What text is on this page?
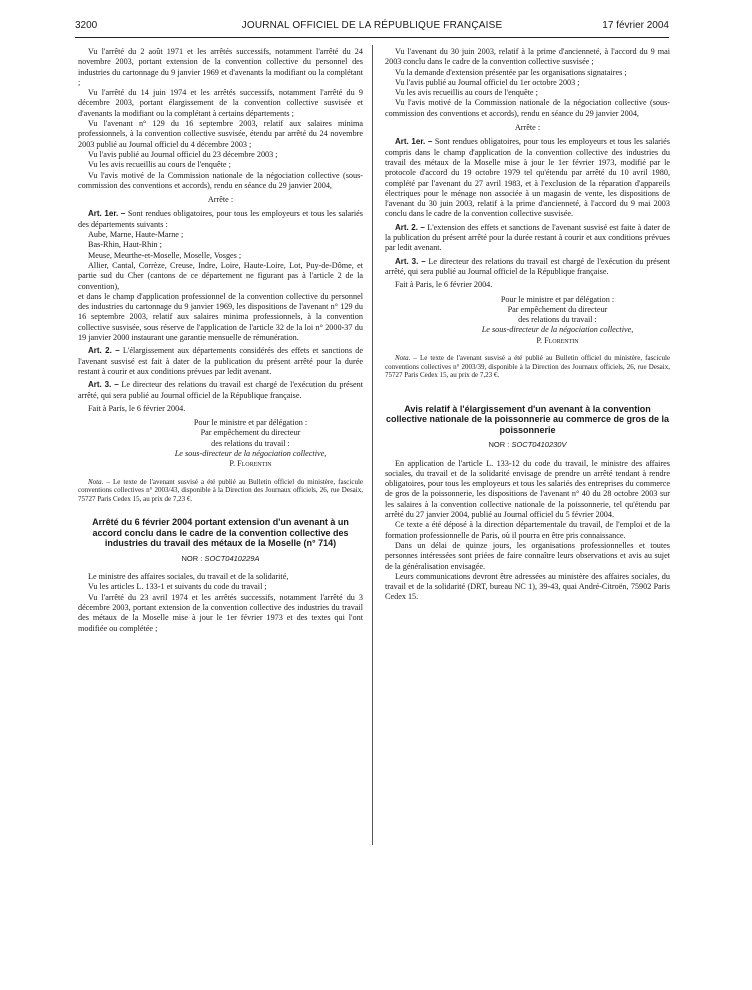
3200	JOURNAL OFFICIEL DE LA RÉPUBLIQUE FRANÇAISE	17 février 2004

Vu l'arrêté du 2 août 1971 et les arrêtés successifs, notamment l'arrêté du 24 novembre 2003, portant extension de la convention collective du personnel des industries du cartonnage du 9 janvier 1969 et d'avenants la modifiant ou la complétant ;

Vu l'arrêté du 14 juin 1974 et les arrêtés successifs, notamment l'arrêté du 9 décembre 2003, portant élargissement de la convention collective susvisée et d'avenants la modifiant ou la complétant à certains départements ;

Vu l'avenant n° 129 du 16 septembre 2003, relatif aux salaires minima professionnels, à la convention collective susvisée, étendu par arrêté du 24 novembre 2003 publié au Journal officiel du 4 décembre 2003 ;

Vu l'avis publié au Journal officiel du 23 décembre 2003 ;

Vu les avis recueillis au cours de l'enquête ;

Vu l'avis motivé de la Commission nationale de la négociation collective (sous-commission des conventions et accords), rendu en séance du 29 janvier 2004,

Arrête :

Art. 1er. – Sont rendues obligatoires, pour tous les employeurs et tous les salariés des départements suivants :

Aube, Marne, Haute-Marne ;

Bas-Rhin, Haut-Rhin ;

Meuse, Meurthe-et-Moselle, Moselle, Vosges ;

Allier, Cantal, Corrèze, Creuse, Indre, Loire, Haute-Loire, Lot, Puy-de-Dôme, et partie sud du Cher (cantons de ce département ne figurant pas à l'article 2 de la convention),

et dans le champ d'application professionnel de la convention collective du personnel des industries du cartonnage du 9 janvier 1969, les dispositions de l'avenant n° 129 du 16 septembre 2003, relatif aux salaires minima professionnels, à la convention collective susvisée, sous réserve de l'application de l'article 32 de la loi n° 2000-37 du 19 janvier 2000 instaurant une garantie mensuelle de rémunération.

Art. 2. – L'élargissement aux départements considérés des effets et sanctions de l'avenant susvisé est fait à dater de la publication du présent arrêté pour la durée restant à courir et aux conditions prévues par ledit avenant.

Art. 3. – Le directeur des relations du travail est chargé de l'exécution du présent arrêté, qui sera publié au Journal officiel de la République française.

Fait à Paris, le 6 février 2004.

Pour le ministre et par délégation :

Par empêchement du directeur

des relations du travail :

Le sous-directeur de la négociation collective,

P. Florentin

Nota. – Le texte de l'avenant susvisé a été publié au Bulletin officiel du ministère, fascicule conventions collectives n° 2003/43, disponible à la Direction des Journaux officiels, 26, rue Desaix, 75727 Paris Cedex 15, au prix de 7,23 €.

Arrêté du 6 février 2004 portant extension d'un avenant à un accord conclu dans le cadre de la convention collective des industries du travail des métaux de la Moselle (n° 714)
NOR : SOCT0410229A

Le ministre des affaires sociales, du travail et de la solidarité,

Vu les articles L. 133-1 et suivants du code du travail ;

Vu l'arrêté du 23 avril 1974 et les arrêtés successifs, notamment l'arrêté du 3 décembre 2003, portant extension de la convention collective des industries du travail des métaux de la Moselle mise à jour le 1er février 1973 et des textes qui l'ont modifiée ou complétée ;

Vu l'avenant du 30 juin 2003, relatif à la prime d'ancienneté, à l'accord du 9 mai 2003 conclu dans le cadre de la convention collective susvisée ;

Vu la demande d'extension présentée par les organisations signataires ;

Vu l'avis publié au Journal officiel du 1er octobre 2003 ;

Vu les avis recueillis au cours de l'enquête ;

Vu l'avis motivé de la Commission nationale de la négociation collective (sous-commission des conventions et accords), rendu en séance du 29 janvier 2004,

Arrête :

Art. 1er. – Sont rendues obligatoires, pour tous les employeurs et tous les salariés compris dans le champ d'application de la convention collective des industries du travail des métaux de la Moselle mise à jour le 1er février 1973, modifié par le protocole d'accord du 19 octobre 1979 tel qu'étendu par arrêté du 10 avril 1980, complété par l'avenant du 27 avril 1983, et à l'exclusion de la réparation d'appareils électriques pour le ménage non associée à un magasin de vente, les dispositions de l'avenant du 30 juin 2003, relatif à la prime d'ancienneté, à l'accord du 9 mai 2003 conclu dans le cadre de la convention collective susvisée.

Art. 2. – L'extension des effets et sanctions de l'avenant susvisé est faite à dater de la publication du présent arrêté pour la durée restant à courir et aux conditions prévues par ledit avenant.

Art. 3. – Le directeur des relations du travail est chargé de l'exécution du présent arrêté, qui sera publié au Journal officiel de la République française.

Fait à Paris, le 6 février 2004.

Pour le ministre et par délégation :

Par empêchement du directeur

des relations du travail :

Le sous-directeur de la négociation collective,

P. Florentin

Nota. – Le texte de l'avenant susvisé a été publié au Bulletin officiel du ministère, fascicule conventions collectives n° 2003/39, disponible à la Direction des Journaux officiels, 26, rue Desaix, 75727 Paris Cedex 15, au prix de 7,23 €.

Avis relatif à l'élargissement d'un avenant à la convention collective nationale de la poissonnerie au commerce de gros de la poissonnerie
NOR : SOCT0410230V

En application de l'article L. 133-12 du code du travail, le ministre des affaires sociales, du travail et de la solidarité envisage de prendre un arrêté tendant à rendre obligatoires, pour tous les employeurs et tous les salariés des entreprises du commerce de gros de la poissonnerie, les dispositions de l'avenant n° 40 du 28 octobre 2003 sur les salaires à la convention collective nationale de la poissonnerie, tel qu'étendu par arrêté du 27 janvier 2004, publié au Journal officiel du 5 février 2004.

Ce texte a été déposé à la direction départementale du travail, de l'emploi et de la formation professionnelle de Paris, où il pourra en être pris connaissance.

Dans un délai de quinze jours, les organisations professionnelles et toutes personnes intéressées sont priées de faire connaître leurs observations et avis au sujet de la généralisation envisagée.

Leurs communications devront être adressées au ministère des affaires sociales, du travail et de la solidarité (DRT, bureau NC 1), 39-43, quai André-Citroën, 75902 Paris Cedex 15.
